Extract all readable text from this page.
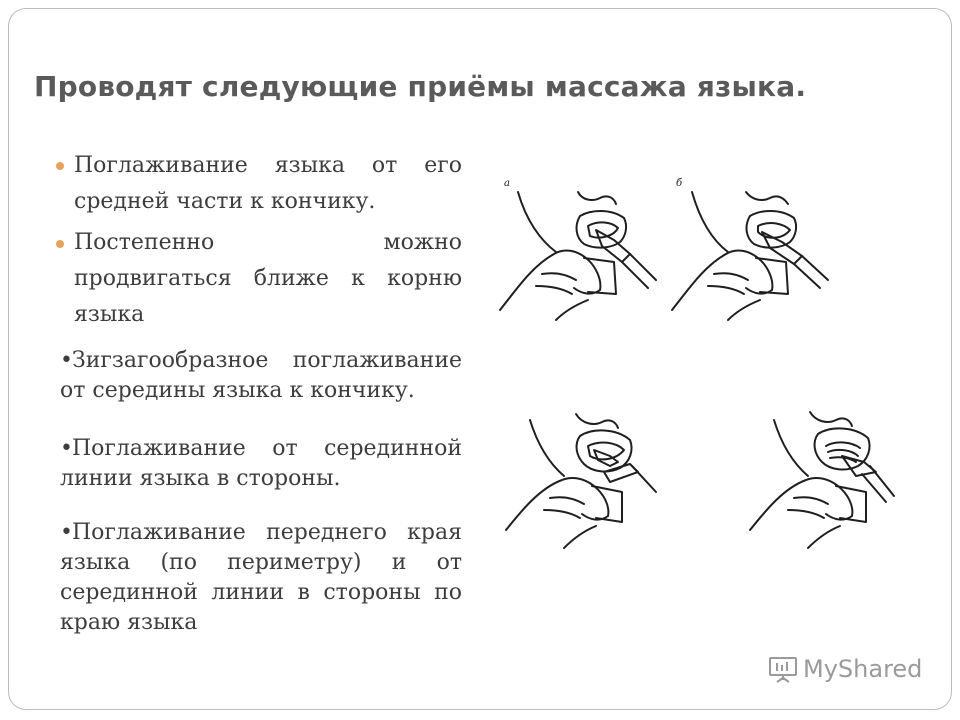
Проводят следующие приёмы массажа языка.

Поглаживание языка от его средней части к кончику.

Постепенно можно продвигаться ближе к корню языка

•Зигзагообразное поглаживание от середины языка к кончику.

•Поглаживание от серединной линии языка в стороны.

•Поглаживание переднего края языка (по периметру) и от серединной линии в стороны по краю языка

а	б
MyShared
